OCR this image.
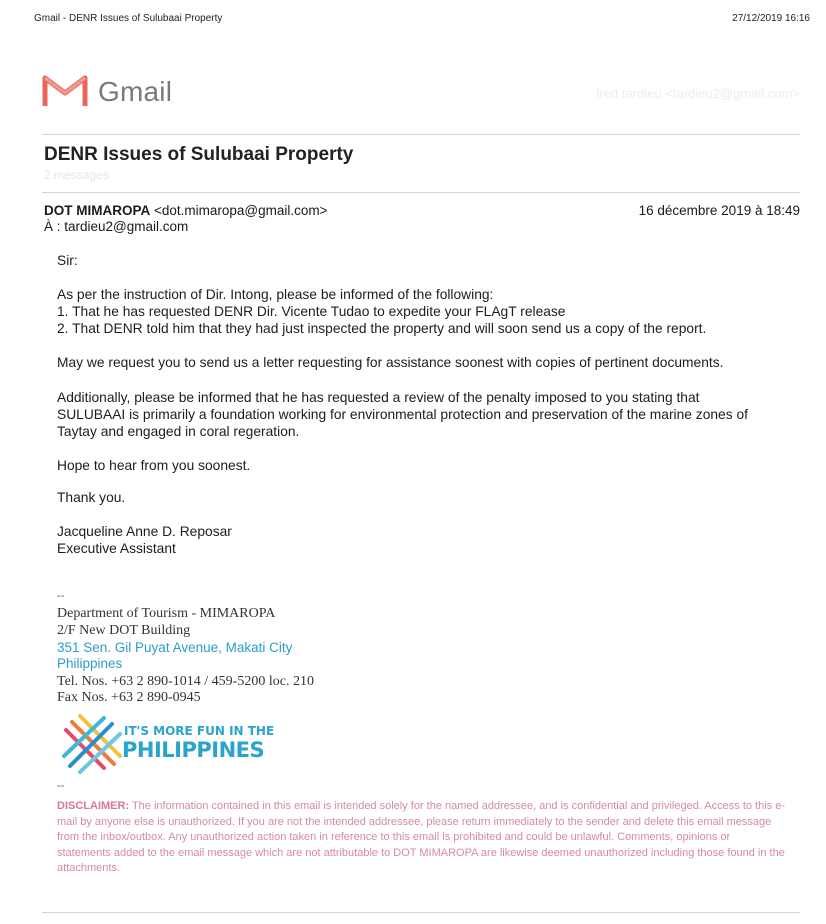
Gmail - DENR Issues of Sulubaai Property	27/12/2019 16:16
Gmail	fred tardieu <tardieu2@gmail.com>
DENR Issues of Sulubaai Property
2 messages
DOT MIMAROPA <dot.mimaropa@gmail.com>
À : tardieu2@gmail.com
16 décembre 2019 à 18:49
Sir:
As per the instruction of Dir. Intong, please be informed of the following:
1. That he has requested DENR Dir. Vicente Tudao to expedite your FLAgT release
2. That DENR told him that they had just inspected the property and will soon send us a copy of the report.
May we request you to send us a letter requesting for assistance soonest with copies of pertinent documents.
Additionally, please be informed that he has requested a review of the penalty imposed to you stating that
SULUBAAI is primarily a foundation working for environmental protection and preservation of the marine zones of
Taytay and engaged in coral regeration.
Hope to hear from you soonest.
Thank you.
Jacqueline Anne D. Reposar
Executive Assistant
--
Department of Tourism - MIMAROPA
2/F New DOT Building
351 Sen. Gil Puyat Avenue, Makati City
Philippines
Tel. Nos. +63 2 890-1014 / 459-5200 loc. 210
Fax Nos. +63 2 890-0945
IT'S MORE FUN IN THE
PHILIPPINES
--
DISCLAIMER: The information contained in this email is intended solely for the named addressee, and is confidential and privileged. Access to this e-mail by anyone else is unauthorized. If you are not the intended addressee, please return immediately to the sender and delete this email message from the inbox/outbox. Any unauthorized action taken in reference to this email is prohibited and could be unlawful. Comments, opinions or statements added to the email message which are not attributable to DOT MIMAROPA are likewise deemed unauthorized including those found in the attachments.
